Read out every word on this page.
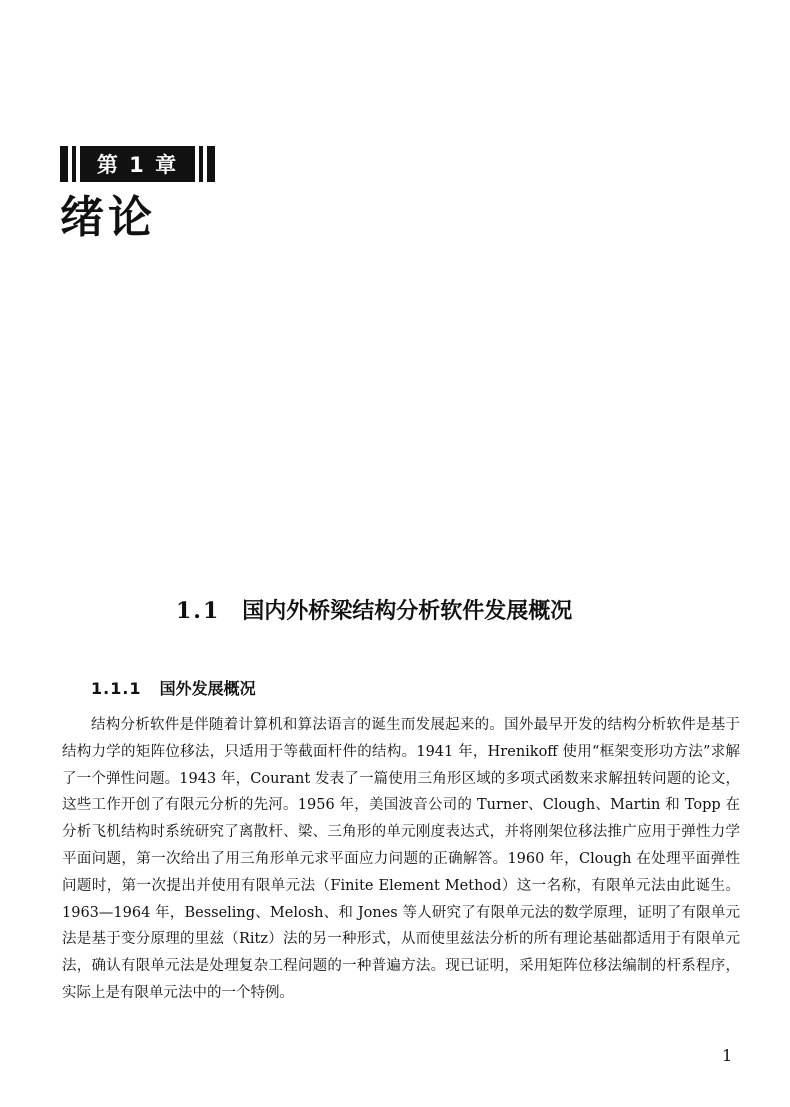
第 1 章
绪论
1.1 国内外桥梁结构分析软件发展概况
1.1.1 国外发展概况

结构分析软件是伴随着计算机和算法语言的诞生而发展起来的。国外最早开发的结构分析软件是基于结构力学的矩阵位移法，只适用于等截面杆件的结构。1941 年，Hrenikoff 使用“框架变形功方法”求解了一个弹性问题。1943 年，Courant 发表了一篇使用三角形区域的多项式函数来求解扭转问题的论文，这些工作开创了有限元分析的先河。1956 年，美国波音公司的 Turner、Clough、Martin 和 Topp 在分析飞机结构时系统研究了离散杆、梁、三角形的单元刚度表达式，并将刚架位移法推广应用于弹性力学平面问题，第一次给出了用三角形单元求平面应力问题的正确解答。1960 年，Clough 在处理平面弹性问题时，第一次提出并使用有限单元法（Finite Element Method）这一名称，有限单元法由此诞生。1963—1964 年，Besseling、Melosh、和 Jones 等人研究了有限单元法的数学原理，证明了有限单元法是基于变分原理的里兹（Ritz）法的另一种形式，从而使里兹法分析的所有理论基础都适用于有限单元法，确认有限单元法是处理复杂工程问题的一种普遍方法。现已证明，采用矩阵位移法编制的杆系程序，实际上是有限单元法中的一个特例。

1
